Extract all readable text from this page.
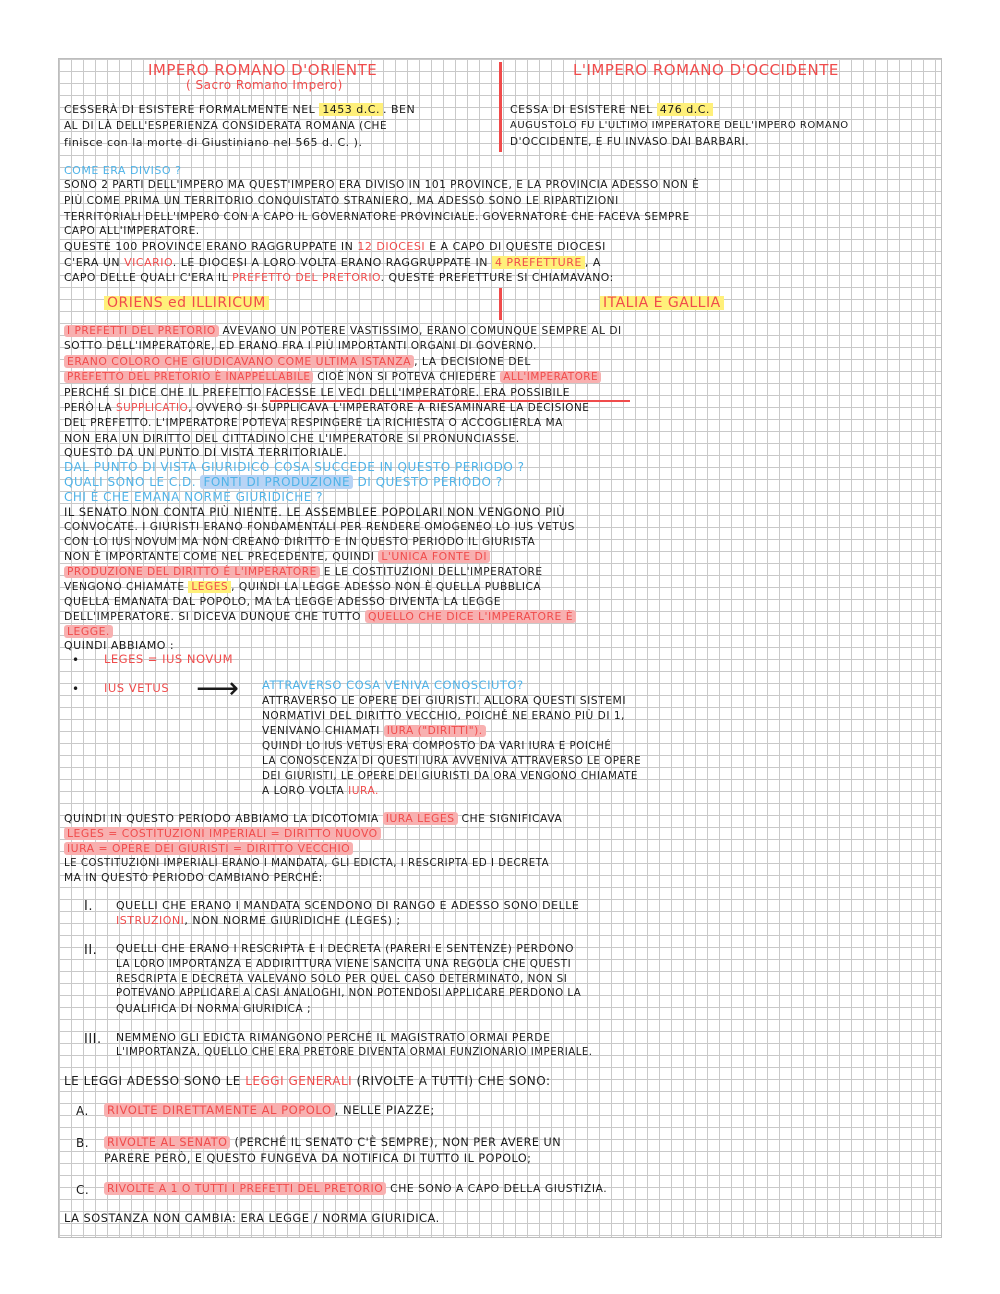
IMPERO ROMANO D'ORIENTE
( Sacro Romano Impero)
L'IMPERO ROMANO D'OCCIDENTE
CESSERÀ DI ESISTERE FORMALMENTE NEL 1453 d.C. . BEN
AL DI LÀ DELL'ESPERIENZA CONSIDERATA ROMANA (CHE
finisce con la morte di Giustiniano nel 565 d. C. ).
CESSA DI ESISTERE NEL 476 d.C.
AUGUSTOLO FU L'ULTIMO IMPERATORE DELL'IMPERO ROMANO
D'OCCIDENTE, E FU INVASO DAI BARBARI.
COME ERA DIVISO ?
SONO 2 PARTI DELL'IMPERO MA QUEST'IMPERO ERA DIVISO IN 101 PROVINCE, E LA PROVINCIA ADESSO NON È
PIÙ COME PRIMA UN TERRITORIO CONQUISTATO STRANIERO, MA ADESSO SONO LE RIPARTIZIONI
TERRITORIALI DELL'IMPERO CON A CAPO IL GOVERNATORE PROVINCIALE. GOVERNATORE CHE FACEVA SEMPRE
CAPO ALL'IMPERATORE.
QUESTE 100 PROVINCE ERANO RAGGRUPPATE IN 12 DIOCESI E A CAPO DI QUESTE DIOCESI
C'ERA UN VICARIO. LE DIOCESI A LORO VOLTA ERANO RAGGRUPPATE IN 4 PREFETTURE , A
CAPO DELLE QUALI C'ERA IL PREFETTO DEL PRETORIO. QUESTE PREFETTURE SI CHIAMAVANO:
ORIENS ed ILLIRICUM	ITALIA E GALLIA
I PREFETTI DEL PRETORIO AVEVANO UN POTERE VASTISSIMO, ERANO COMUNQUE SEMPRE AL DI
SOTTO DELL'IMPERATORE, ED ERANO FRA I PIÙ IMPORTANTI ORGANI DI GOVERNO.
ERANO COLORO CHE GIUDICAVANO COME ULTIMA ISTANZA , LA DECISIONE DEL
PREFETTO DEL PRETORIO È INAPPELLABILE CIOÈ NON SI POTEVA CHIEDERE ALL'IMPERATORE
PERCHÉ SI DICE CHE IL PREFETTO FACESSE LE VECI DELL'IMPERATORE. ERA POSSIBILE
PERÒ LA SUPPLICATIO, OVVERO SI SUPPLICAVA L'IMPERATORE A RIESAMINARE LA DECISIONE
DEL PREFETTO. L'IMPERATORE POTEVA RESPINGERE LA RICHIESTA O ACCOGLIERLA MA
NON ERA UN DIRITTO DEL CITTADINO CHE L'IMPERATORE SI PRONUNCIASSE.
QUESTO DA UN PUNTO DI VISTA TERRITORIALE.
DAL PUNTO DI VISTA GIURIDICO COSA SUCCEDE IN QUESTO PERIODO ?
QUALI SONO LE C.D. FONTI DI PRODUZIONE DI QUESTO PERIODO ?
CHI È CHE EMANA NORME GIURIDICHE ?
IL SENATO NON CONTA PIÙ NIENTE. LE ASSEMBLEE POPOLARI NON VENGONO PIÙ
CONVOCATE. I GIURISTI ERANO FONDAMENTALI PER RENDERE OMOGENEO LO IUS VETUS
CON LO IUS NOVUM MA NON CREANO DIRITTO E IN QUESTO PERIODO IL GIURISTA
NON È IMPORTANTE COME NEL PRECEDENTE, QUINDI L'UNICA FONTE DI
PRODUZIONE DEL DIRITTO È L'IMPERATORE E LE COSTITUZIONI DELL'IMPERATORE
VENGONO CHIAMATE LEGES , QUINDI LA LEGGE ADESSO NON È QUELLA PUBBLICA
QUELLA EMANATA DAL POPOLO, MA LA LEGGE ADESSO DIVENTA LA LEGGE
DELL'IMPERATORE. SI DICEVA DUNQUE CHE TUTTO QUELLO CHE DICE L'IMPERATORE È
LEGGE.
QUINDI ABBIAMO :
• LEGES = IUS NOVUM
• IUS VETUS ⟶ ATTRAVERSO COSA VENIVA CONOSCIUTO?
ATTRAVERSO LE OPERE DEI GIURISTI. ALLORA QUESTI SISTEMI
NORMATIVI DEL DIRITTO VECCHIO, POICHÉ NE ERANO PIÙ DI 1,
VENIVANO CHIAMATI IURA ("DIRITTI").
QUINDI LO IUS VETUS ERA COMPOSTO DA VARI IURA E POICHÉ
LA CONOSCENZA DI QUESTI IURA AVVENIVA ATTRAVERSO LE OPERE
DEI GIURISTI, LE OPERE DEI GIURISTI DA ORA VENGONO CHIAMATE
A LORO VOLTA IURA.
QUINDI IN QUESTO PERIODO ABBIAMO LA DICOTOMIA IURA LEGES CHE SIGNIFICAVA
LEGES = COSTITUZIONI IMPERIALI = DIRITTO NUOVO
IURA = OPERE DEI GIURISTI = DIRITTO VECCHIO
LE COSTITUZIONI IMPERIALI ERANO I MANDATA, GLI EDICTA, I RESCRIPTA ED I DECRETA
MA IN QUESTO PERIODO CAMBIANO PERCHÉ:
I. QUELLI CHE ERANO I MANDATA SCENDONO DI RANGO E ADESSO SONO DELLE
ISTRUZIONI, NON NORME GIURIDICHE (LEGES) ;
II. QUELLI CHE ERANO I RESCRIPTA E I DECRETA (PARERI E SENTENZE) PERDONO
LA LORO IMPORTANZA E ADDIRITTURA VIENE SANCITA UNA REGOLA CHE QUESTI
RESCRIPTA E DECRETA VALEVANO SOLO PER QUEL CASO DETERMINATO, NON SI
POTEVANO APPLICARE A CASI ANALOGHI, NON POTENDOSI APPLICARE PERDONO LA
QUALIFICA DI NORMA GIURIDICA ;
III. NEMMENO GLI EDICTA RIMANGONO PERCHÉ IL MAGISTRATO ORMAI PERDE
L'IMPORTANZA, QUELLO CHE ERA PRETORE DIVENTA ORMAI FUNZIONARIO IMPERIALE.
LE LEGGI ADESSO SONO LE LEGGI GENERALI (RIVOLTE A TUTTI) CHE SONO:
A. RIVOLTE DIRETTAMENTE AL POPOLO , NELLE PIAZZE;
B. RIVOLTE AL SENATO (PERCHÉ IL SENATO C'È SEMPRE), NON PER AVERE UN
PARERE PERÒ, E QUESTO FUNGEVA DA NOTIFICA DI TUTTO IL POPOLO;
C. RIVOLTE A 1 O TUTTI I PREFETTI DEL PRETORIO CHE SONO A CAPO DELLA GIUSTIZIA.
LA SOSTANZA NON CAMBIA: ERA LEGGE / NORMA GIURIDICA.
